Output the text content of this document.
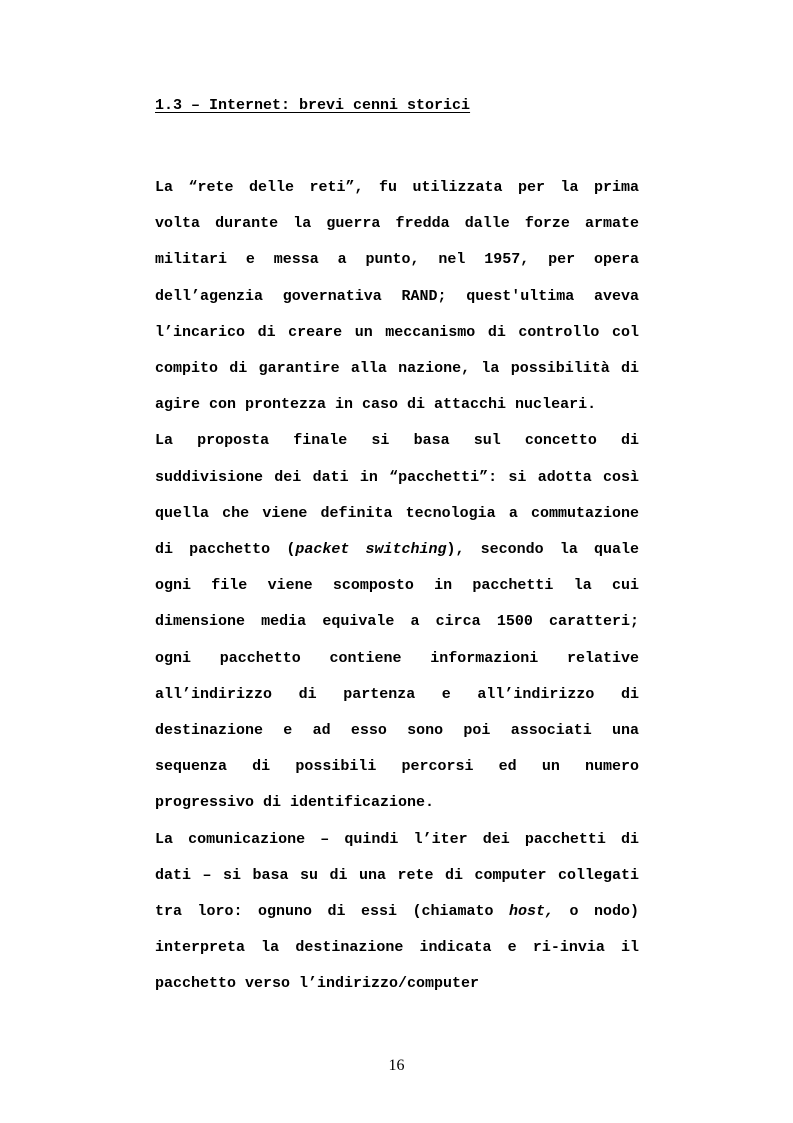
1.3 – Internet: brevi cenni storici

La “rete delle reti”, fu utilizzata per la prima volta durante la guerra fredda dalle forze armate militari e messa a punto, nel 1957, per opera dell’agenzia governativa RAND; quest'ultima aveva l’incarico di creare un meccanismo di controllo col compito di garantire alla nazione, la possibilità di agire con prontezza in caso di attacchi nucleari.

La proposta finale si basa sul concetto di suddivisione dei dati in “pacchetti”: si adotta così quella che viene definita tecnologia a commutazione di pacchetto (packet switching), secondo la quale ogni file viene scomposto in pacchetti la cui dimensione media equivale a circa 1500 caratteri; ogni pacchetto contiene informazioni relative all’indirizzo di partenza e all’indirizzo di destinazione e ad esso sono poi associati una sequenza di possibili percorsi ed un numero progressivo di identificazione.

La comunicazione – quindi l’iter dei pacchetti di dati – si basa su di una rete di computer collegati tra loro: ognuno di essi (chiamato host, o nodo) interpreta la destinazione indicata e ri-invia il pacchetto verso l’indirizzo/computer

16
